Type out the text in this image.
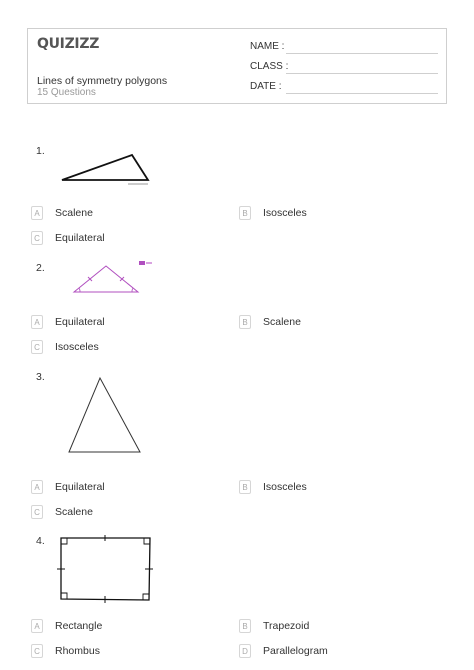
QUIZIZZ
Lines of symmetry polygons
15 Questions
NAME :
CLASS :
DATE :
1.
A	Scalene	B	Isosceles
C Equilateral
2.
A	Equilateral	B	Scalene
C Isosceles
3.
A	Equilateral	B	Isosceles
C Scalene
4.
A	Rectangle	B	Trapezoid
C Rhombus	D Parallelogram
